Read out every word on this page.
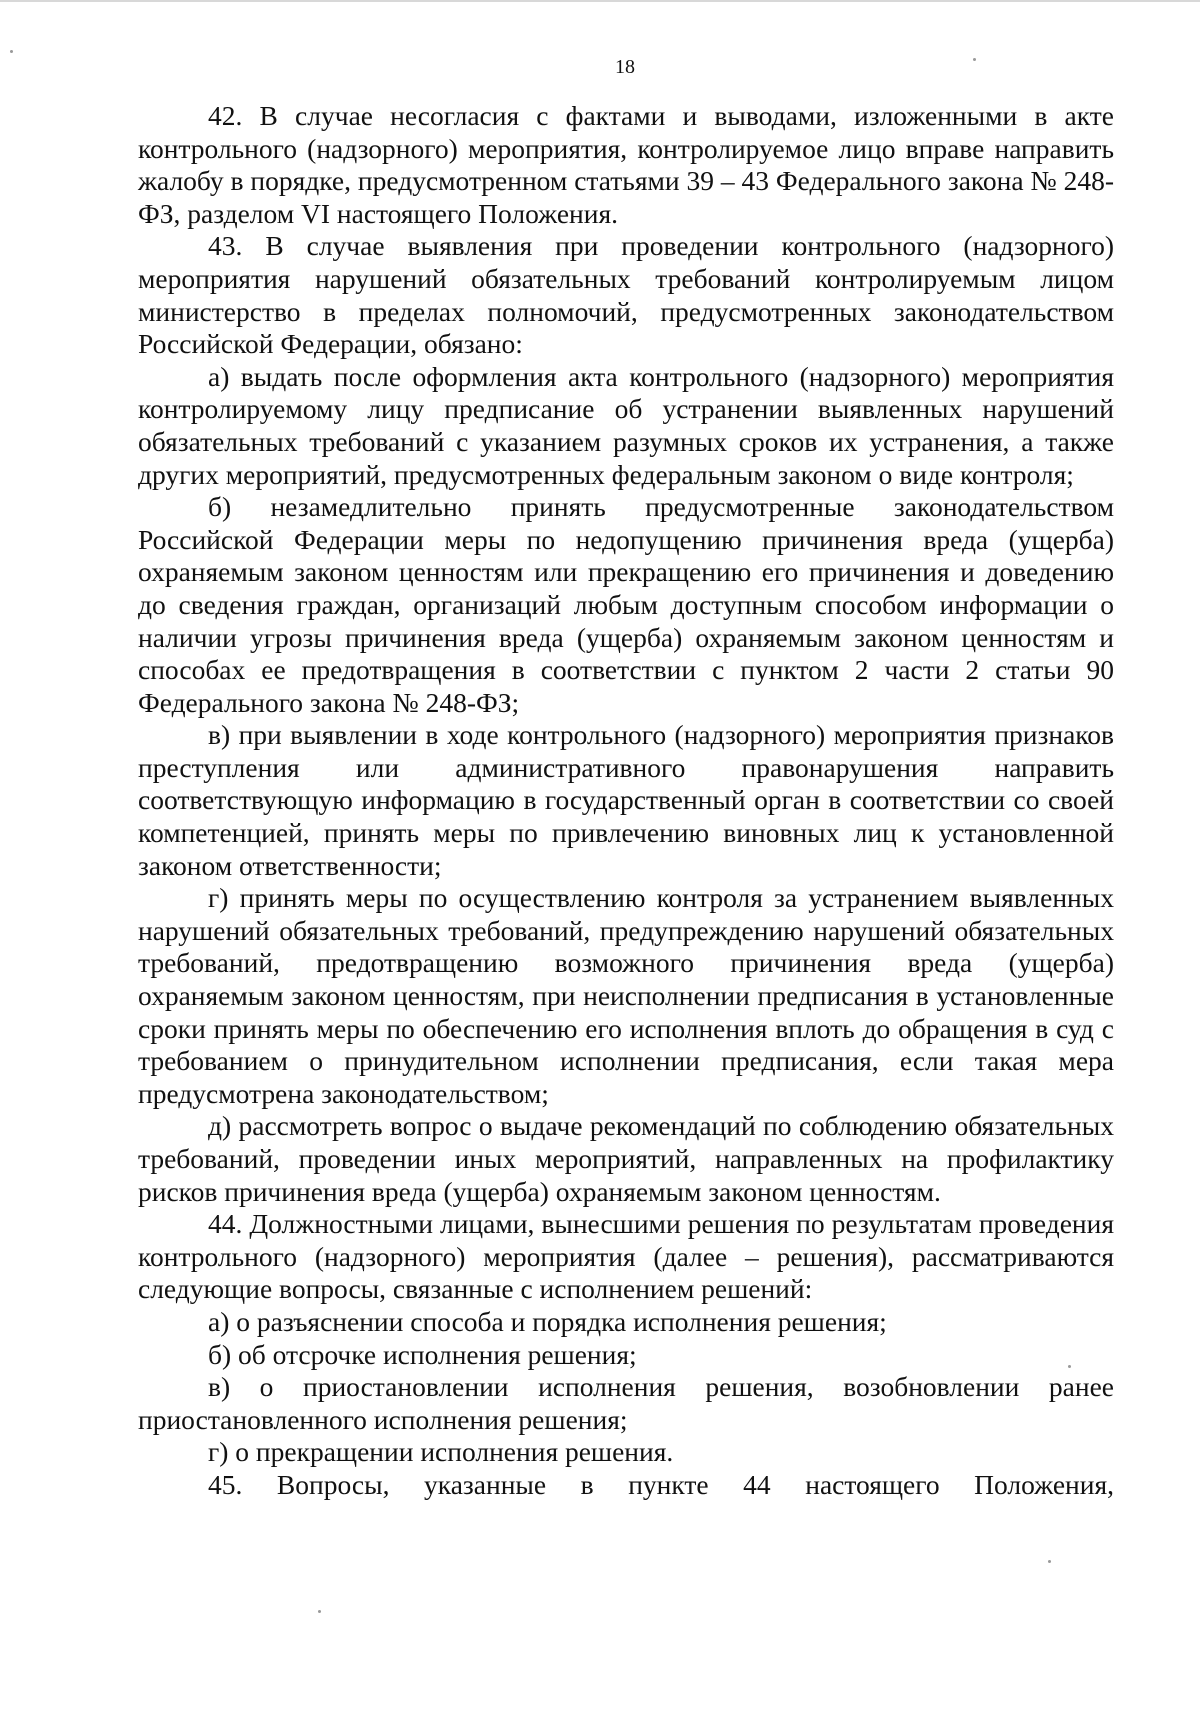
18

42. В случае несогласия с фактами и выводами, изложенными в акте контрольного (надзорного) мероприятия, контролируемое лицо вправе направить жалобу в порядке, предусмотренном статьями 39 – 43 Федерального закона № 248-ФЗ, разделом VI настоящего Положения.

43. В случае выявления при проведении контрольного (надзорного) мероприятия нарушений обязательных требований контролируемым лицом министерство в пределах полномочий, предусмотренных законодательством Российской Федерации, обязано:

а) выдать после оформления акта контрольного (надзорного) мероприятия контролируемому лицу предписание об устранении выявленных нарушений обязательных требований с указанием разумных сроков их устранения, а также других мероприятий, предусмотренных федеральным законом о виде контроля;

б) незамедлительно принять предусмотренные законодательством Российской Федерации меры по недопущению причинения вреда (ущерба) охраняемым законом ценностям или прекращению его причинения и доведению до сведения граждан, организаций любым доступным способом информации о наличии угрозы причинения вреда (ущерба) охраняемым законом ценностям и способах ее предотвращения в соответствии с пунктом 2 части 2 статьи 90 Федерального закона № 248-ФЗ;

в) при выявлении в ходе контрольного (надзорного) мероприятия признаков преступления или административного правонарушения направить соответствующую информацию в государственный орган в соответствии со своей компетенцией, принять меры по привлечению виновных лиц к установленной законом ответственности;

г) принять меры по осуществлению контроля за устранением выявленных нарушений обязательных требований, предупреждению нарушений обязательных требований, предотвращению возможного причинения вреда (ущерба) охраняемым законом ценностям, при неисполнении предписания в установленные сроки принять меры по обеспечению его исполнения вплоть до обращения в суд с требованием о принудительном исполнении предписания, если такая мера предусмотрена законодательством;

д) рассмотреть вопрос о выдаче рекомендаций по соблюдению обязательных требований, проведении иных мероприятий, направленных на профилактику рисков причинения вреда (ущерба) охраняемым законом ценностям.

44. Должностными лицами, вынесшими решения по результатам проведения контрольного (надзорного) мероприятия (далее – решения), рассматриваются следующие вопросы, связанные с исполнением решений:

а) о разъяснении способа и порядка исполнения решения;

б) об отсрочке исполнения решения;

в) о приостановлении исполнения решения, возобновлении ранее приостановленного исполнения решения;

г) о прекращении исполнения решения.

45. Вопросы, указанные в пункте 44 настоящего Положения,
